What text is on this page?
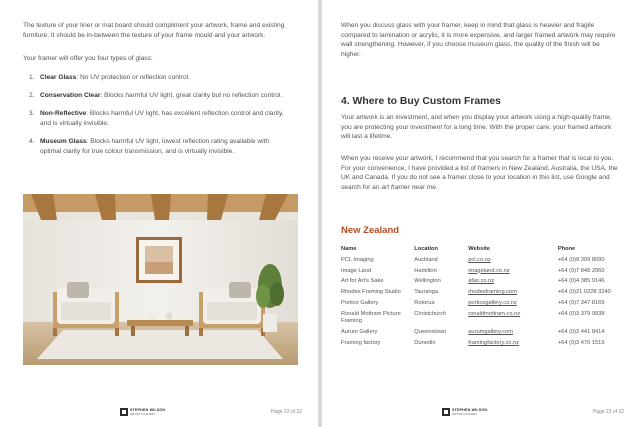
The texture of your liner or mat board should compliment your artwork, frame and existing furniture. It should be in-between the texture of your frame mould and your artwork.

Your framer will offer you four types of glass:

1. Clear Glass: No UV protection or reflection control.
2. Conservation Clear: Blocks harmful UV light, great clarity but no reflection control.
3. Non-Reflective: Blocks harmful UV light, has excellent reflection control and clarity, and is virtually invisible.
4. Museum Glass: Blocks harmful UV light, lowest reflection rating available with optimal clarity for true colour transmission, and is virtually invisible.
STEPHEN WILSON
ARTIST GALLERY	Page 22 of 32

When you discuss glass with your framer, keep in mind that glass is heavier and fragile compared to lamination or acrylic, it is more expensive, and larger framed artwork may require wall strengthening. However, if you choose museum glass, the quality of the finish will be higher.

4. Where to Buy Custom Frames

Your artwork is an investment, and when you display your artwork using a high-quality frame, you are protecting your investment for a long time. With the proper care, your framed artwork will last a lifetime.

When you receive your artwork, I recommend that you search for a framer that is local to you. For your convenience, I have provided a list of framers in New Zealand, Australia, the USA, the UK and Canada. If you do not see a framer close to your location in this list, use Google and search for an art framer near me.

New Zealand
Name	Location	Website	Phone
PCL Imaging	Auckland	pcl.co.nz	+64 (0)9 309 8090
Image Land	Hamilton	imageland.co.nz	+64 (0)7 848 2060
Art for Art's Sake	Wellington	afas.co.nz	+64 (0)4 385 9146
Rhodes Framing Studio	Tauranga	rhodesframing.com	+64 (0)21 0228 3240
Portico Gallery	Rotorua	porticogallery.co.nz	+64 (0)7 347 8169
Ronald Mottram Picture Framing	Christchurch	ronaldmottram.co.nz	+64 (0)3 379 9938
Aurum Gallery	Queenstown	aurumgallery.com	+64 (0)3 441 8414
Framing factory	Dunedin	framingfactory.co.nz	+64 (0)3 470 1519
STEPHEN WILSON
ARTIST GALLERY	Page 23 of 32
